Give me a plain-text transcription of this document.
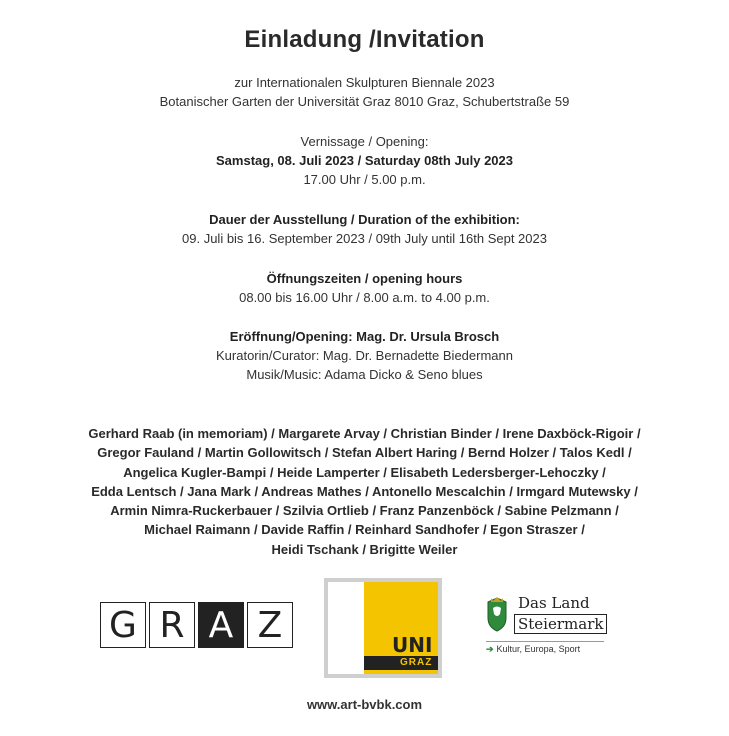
Einladung /Invitation
zur Internationalen Skulpturen Biennale 2023
Botanischer Garten der Universität Graz 8010 Graz, Schubertstraße 59
Vernissage / Opening:
Samstag, 08. Juli 2023 / Saturday 08th July 2023
17.00 Uhr / 5.00 p.m.
Dauer der Ausstellung / Duration of the exhibition:
09. Juli bis 16. September 2023 / 09th July until 16th Sept 2023
Öffnungszeiten / opening hours
08.00 bis 16.00 Uhr / 8.00 a.m. to 4.00 p.m.
Eröffnung/Opening: Mag. Dr. Ursula Brosch
Kuratorin/Curator: Mag. Dr. Bernadette Biedermann
Musik/Music: Adama Dicko & Seno blues
Gerhard Raab (in memoriam) / Margarete Arvay / Christian Binder / Irene Daxböck-Rigoir /
Gregor Fauland / Martin Gollowitsch / Stefan Albert Haring / Bernd Holzer / Talos Kedl /
Angelica Kugler-Bampi / Heide Lamperter / Elisabeth Ledersberger-Lehoczky /
Edda Lentsch / Jana Mark / Andreas Mathes / Antonello Mescalchin / Irmgard Mutewsky /
Armin Nimra-Ruckerbauer / Szilvia Ortlieb / Franz Panzenböck / Sabine Pelzmann /
Michael Raimann / Davide Raffin / Reinhard Sandhofer / Egon Straszer /
Heidi Tschank / Brigitte Weiler
G R A Z	UNI
GRAZ
Das Land
Steiermark
➔ Kultur, Europa, Sport
www.art-bvbk.com
